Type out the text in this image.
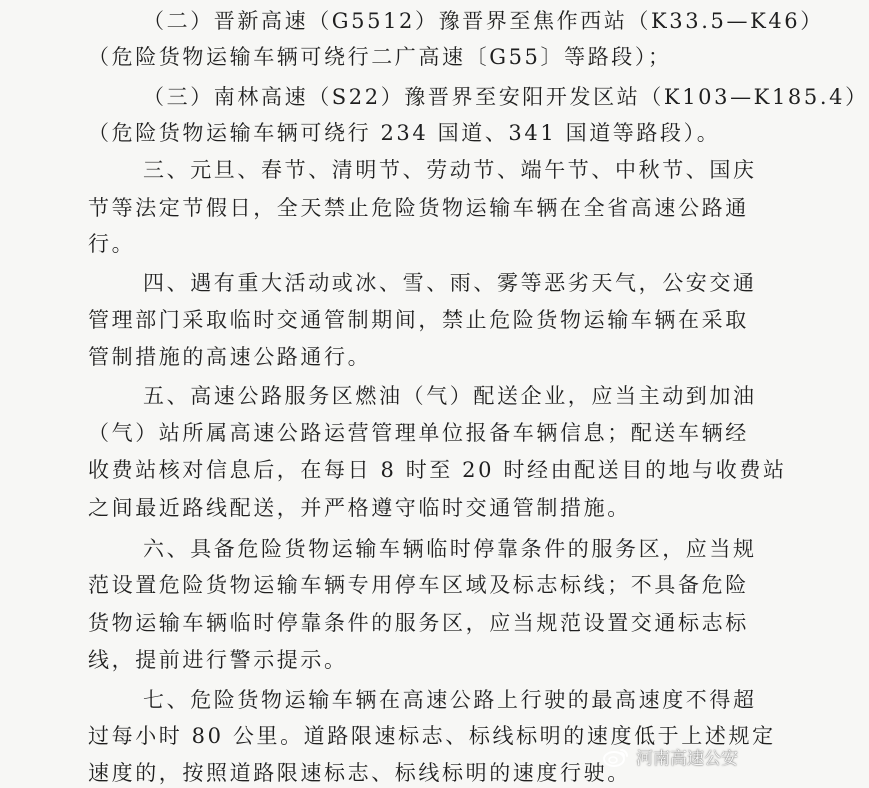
（二）晋新高速（G5512）豫晋界至焦作西站（K33.5—K46）
（危险货物运输车辆可绕行二广高速〔G55〕等路段）；
（三）南林高速（S22）豫晋界至安阳开发区站（K103—K185.4）
（危险货物运输车辆可绕行 234 国道、341 国道等路段）。
三、元旦、春节、清明节、劳动节、端午节、中秋节、国庆
节等法定节假日，全天禁止危险货物运输车辆在全省高速公路通
行。
四、遇有重大活动或冰、雪、雨、雾等恶劣天气，公安交通
管理部门采取临时交通管制期间，禁止危险货物运输车辆在采取
管制措施的高速公路通行。
五、高速公路服务区燃油（气）配送企业，应当主动到加油
（气）站所属高速公路运营管理单位报备车辆信息；配送车辆经
收费站核对信息后，在每日 8 时至 20 时经由配送目的地与收费站
之间最近路线配送，并严格遵守临时交通管制措施。
六、具备危险货物运输车辆临时停靠条件的服务区，应当规
范设置危险货物运输车辆专用停车区域及标志标线；不具备危险
货物运输车辆临时停靠条件的服务区，应当规范设置交通标志标
线，提前进行警示提示。
七、危险货物运输车辆在高速公路上行驶的最高速度不得超
过每小时 80 公里。道路限速标志、标线标明的速度低于上述规定
速度的，按照道路限速标志、标线标明的速度行驶。
河南高速公安
